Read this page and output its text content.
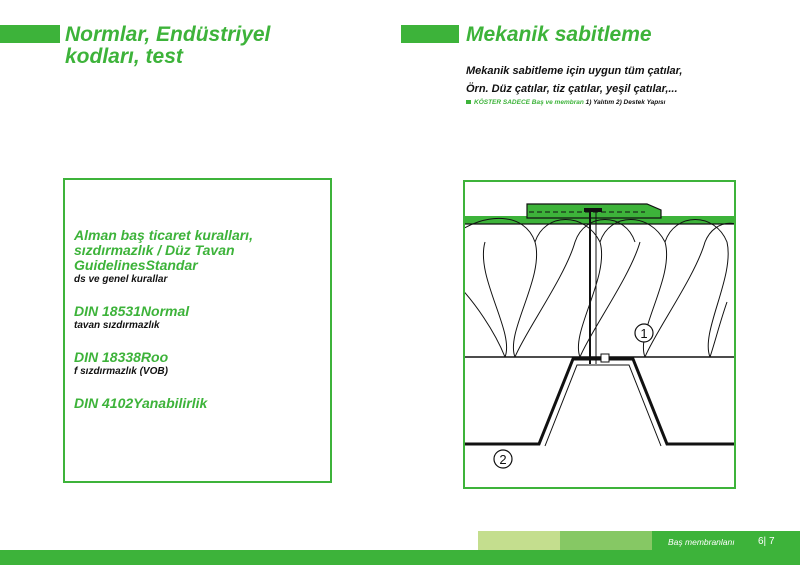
Normlar, Endüstriyel
kodları, test
Mekanik sabitleme
Mekanik sabitleme için uygun tüm çatılar,
Örn. Düz çatılar, tiz çatılar, yeşil çatılar,...
KÖSTER SADECE Baş ve membran 1) Yalıtım 2) Destek Yapısı
Alman baş ticaret kuralları, sızdırmazlık / Düz Tavan GuidelinesStandar
ds ve genel kurallar
DIN 18531Normal
tavan sızdırmazlık
DIN 18338Roo
f sızdırmazlık (VOB)
DIN 4102Yanabilirlik
1
2
Baş membranlanı 6| 7
